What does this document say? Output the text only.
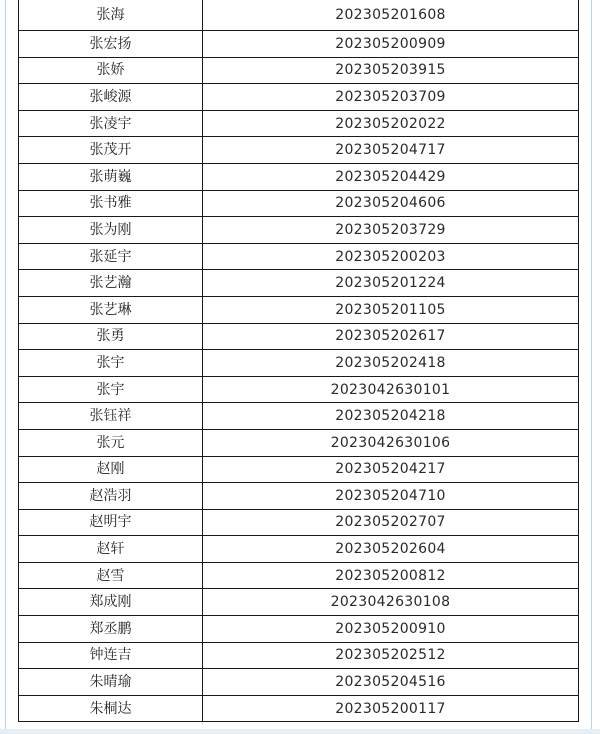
张海	202305201608
张宏扬	202305200909
张娇	202305203915
张峻源	202305203709
张凌宇	202305202022
张茂开	202305204717
张萌巍	202305204429
张书雅	202305204606
张为刚	202305203729
张延宇	202305200203
张艺瀚	202305201224
张艺琳	202305201105
张勇	202305202617
张宇	202305202418
张宇	2023042630101
张钰祥	202305204218
张元	2023042630106
赵刚	202305204217
赵浩羽	202305204710
赵明宇	202305202707
赵轩	202305202604
赵雪	202305200812
郑成刚	2023042630108
郑丞鹏	202305200910
钟连吉	202305202512
朱晴瑜	202305204516
朱桐达	202305200117
